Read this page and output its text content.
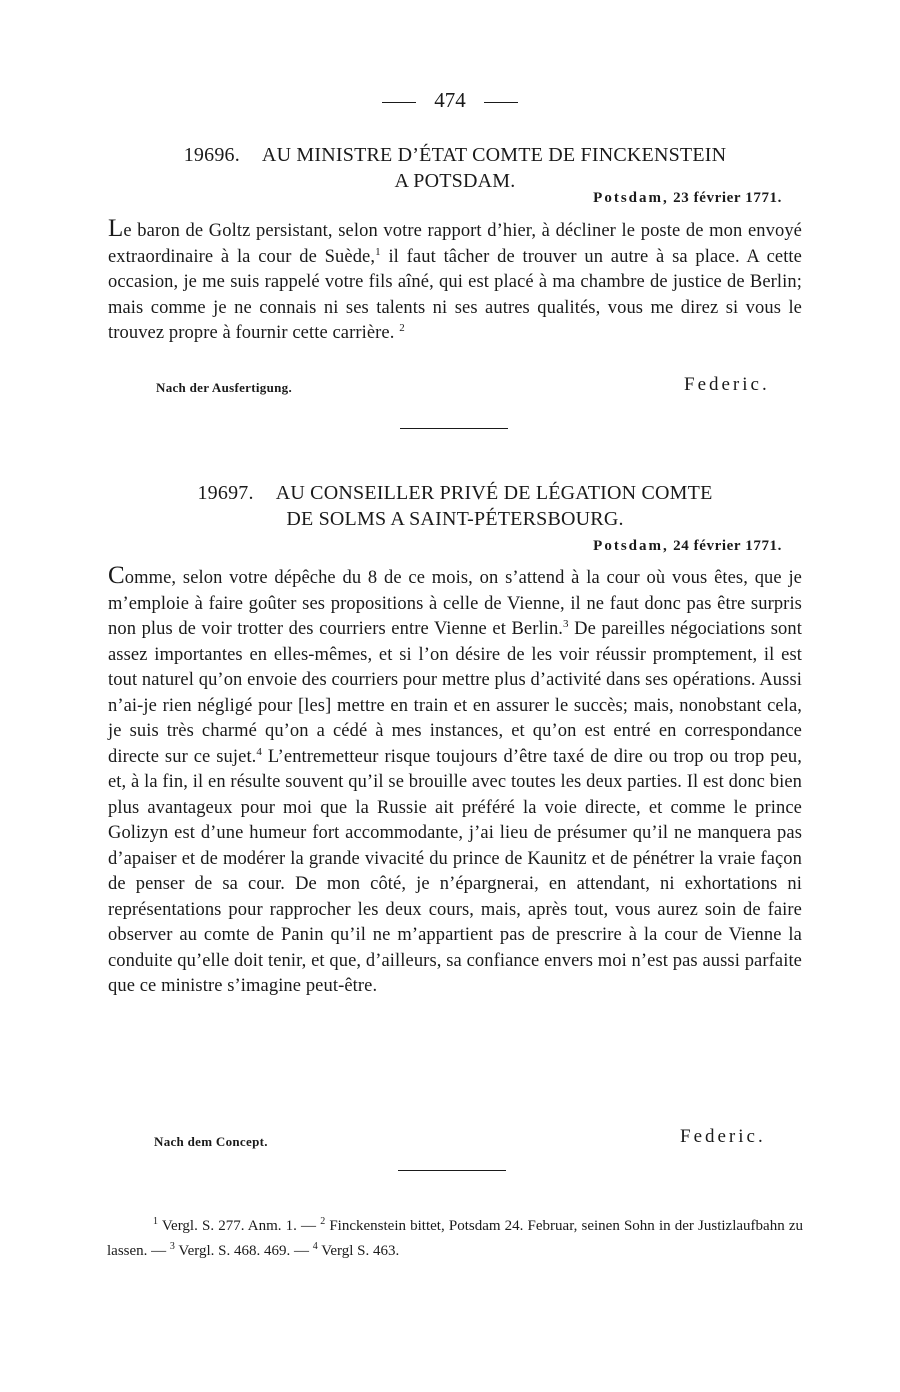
474
19696. AU MINISTRE D’ÉTAT COMTE DE FINCKENSTEIN
A POTSDAM.
Potsdam, 23 février 1771.
Le baron de Goltz persistant, selon votre rapport d’hier, à décliner le poste de mon envoyé extraordinaire à la cour de Suède,$^1$ il faut tâcher de trouver un autre à sa place. A cette occasion, je me suis rappelé votre fils aîné, qui est placé à ma chambre de justice de Berlin; mais comme je ne connais ni ses talents ni ses autres qualités, vous me direz si vous le trouvez propre à fournir cette carrière. $^2$
Nach der Ausfertigung.	Federic.
19697. AU CONSEILLER PRIVÉ DE LÉGATION COMTE
DE SOLMS A SAINT-PÉTERSBOURG.
Potsdam, 24 février 1771.
Comme, selon votre dépêche du 8 de ce mois, on s’attend à la cour où vous êtes, que je m’emploie à faire goûter ses propositions à celle de Vienne, il ne faut donc pas être surpris non plus de voir trotter des courriers entre Vienne et Berlin.$^3$ De pareilles négociations sont assez importantes en elles-mêmes, et si l’on désire de les voir réussir promptement, il est tout naturel qu’on envoie des courriers pour mettre plus d’activité dans ses opérations. Aussi n’ai-je rien négligé pour [les] mettre en train et en assurer le succès; mais, nonobstant cela, je suis très charmé qu’on a cédé à mes instances, et qu’on est entré en correspondance directe sur ce sujet.$^4$ L’entremetteur risque toujours d’être taxé de dire ou trop ou trop peu, et, à la fin, il en résulte souvent qu’il se brouille avec toutes les deux parties. Il est donc bien plus avantageux pour moi que la Russie ait préféré la voie directe, et comme le prince Golizyn est d’une humeur fort accommodante, j’ai lieu de présumer qu’il ne manquera pas d’apaiser et de modérer la grande vivacité du prince de Kaunitz et de pénétrer la vraie façon de penser de sa cour. De mon côté, je n’épargnerai, en attendant, ni exhortations ni représentations pour rapprocher les deux cours, mais, après tout, vous aurez soin de faire observer au comte de Panin qu’il ne m’appartient pas de prescrire à la cour de Vienne la conduite qu’elle doit tenir, et que, d’ailleurs, sa confiance envers moi n’est pas aussi parfaite que ce ministre s’imagine peut-être.
Nach dem Concept.	Federic.
$^1$ Vergl. S. 277. Anm. 1. — $^2$ Finckenstein bittet, Potsdam 24. Februar, seinen Sohn in der Justizlaufbahn zu lassen. — $^3$ Vergl. S. 468. 469. — $^4$ Vergl S. 463.
